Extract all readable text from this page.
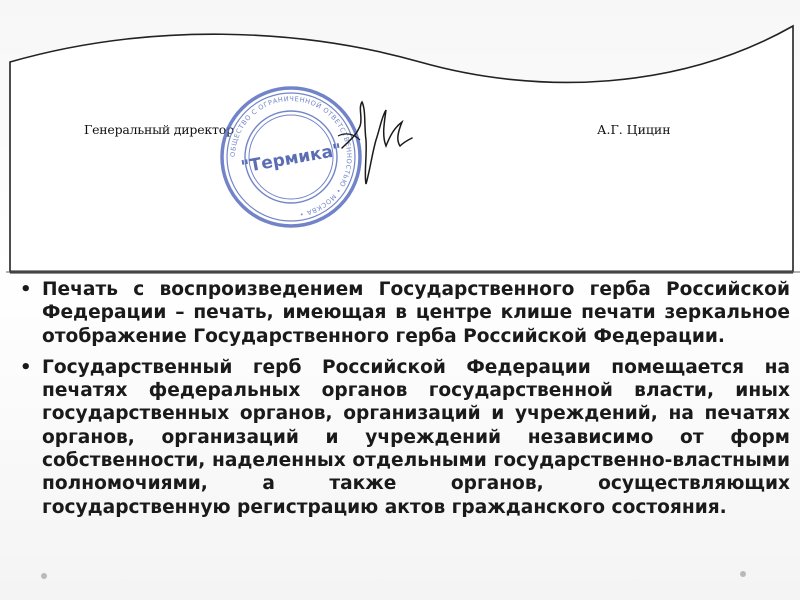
Генеральный директор	А.Г. Цицин
ОБЩЕСТВО С ОГРАНИЧЕННОЙ ОТВЕТСТВЕННОСТЬЮ • МОСКВА •
"Термика"
• Печать с воспроизведением Государственного герба Российской Федерации – печать, имеющая в центре клише печати зеркальное отображение Государственного герба Российской Федерации.
• Государственный герб Российской Федерации помещается на печатях федеральных органов государственной власти, иных государственных органов, организаций и учреждений, на печатях органов, организаций и учреждений независимо от форм собственности, наделенных отдельными государственно-властными полномочиями, а также органов, осуществляющих государственную регистрацию актов гражданского состояния.
